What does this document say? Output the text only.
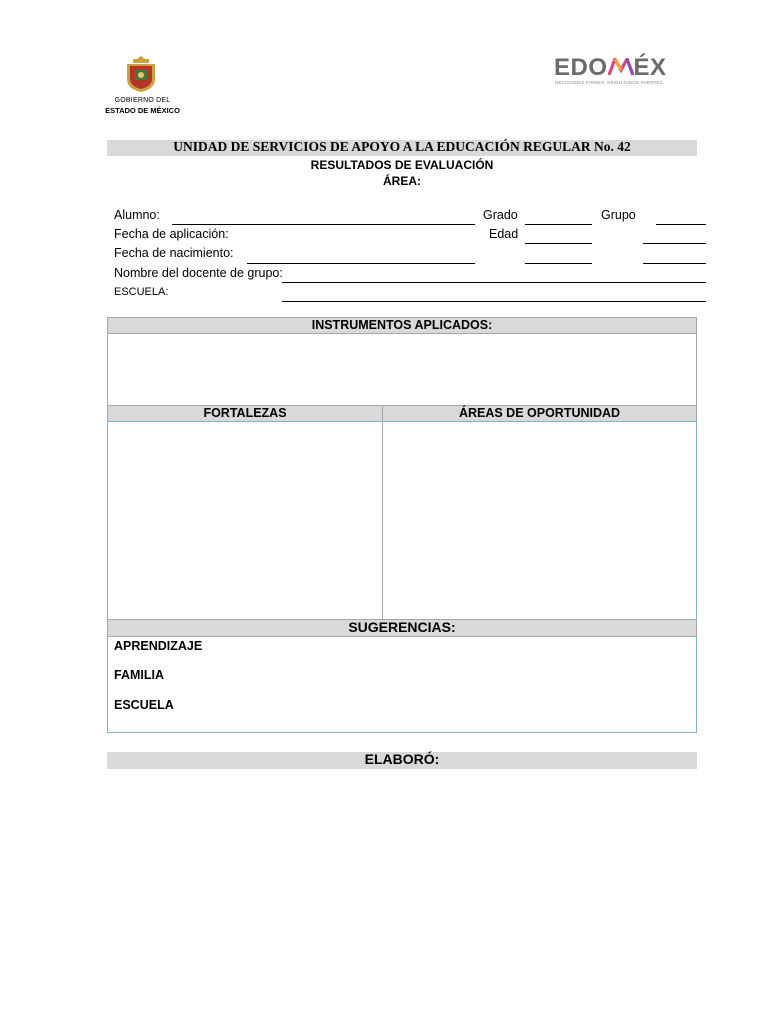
GOBIERNO DEL
ESTADO DE MÉXICO
EDO ÉX
DECISIONES FIRMES, RESULTADOS FUERTES.
UNIDAD DE SERVICIOS DE APOYO A LA EDUCACIÓN REGULAR No. 42
RESULTADOS DE EVALUACIÓN
ÁREA:
Alumno:	Grado	Grupo
Fecha de aplicación:	Edad
Fecha de nacimiento:
Nombre del docente de grupo:
ESCUELA:
INSTRUMENTOS APLICADOS:
FORTALEZAS	ÁREAS DE OPORTUNIDAD
SUGERENCIAS:
APRENDIZAJE
FAMILIA
ESCUELA
ELABORÓ:
